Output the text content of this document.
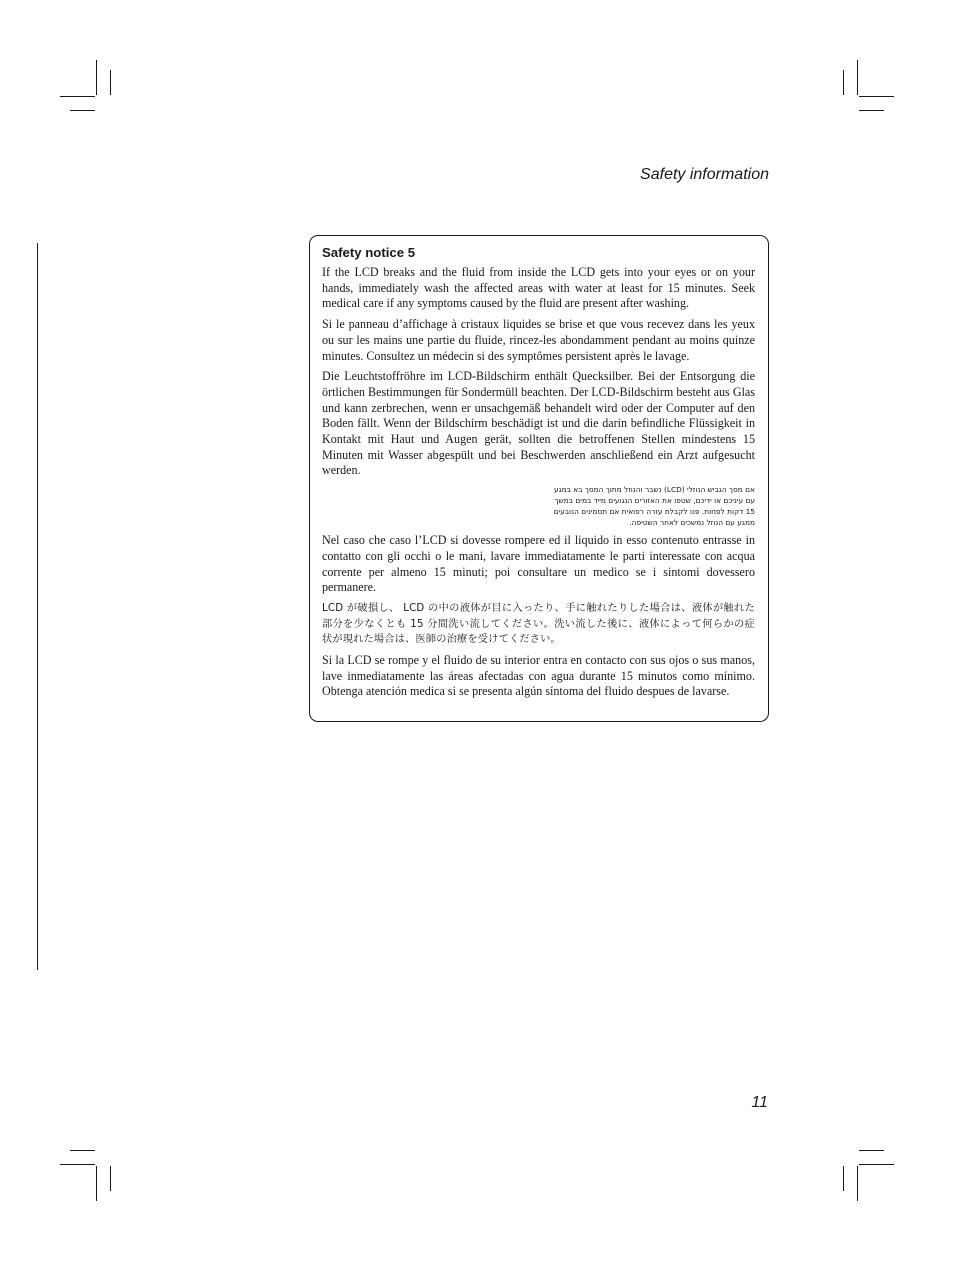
Safety information
Safety notice 5

If the LCD breaks and the fluid from inside the LCD gets into your eyes or on your hands, immediately wash the affected areas with water at least for 15 minutes. Seek medical care if any symptoms caused by the fluid are present after washing.

Si le panneau d’affichage à cristaux liquides se brise et que vous recevez dans les yeux ou sur les mains une partie du fluide, rincez-les abondamment pendant au moins quinze minutes. Consultez un médecin si des symptômes persistent après le lavage.

Die Leuchtstoffröhre im LCD-Bildschirm enthält Quecksilber. Bei der Entsorgung die örtlichen Bestimmungen für Sondermüll beachten. Der LCD-Bildschirm besteht aus Glas und kann zerbrechen, wenn er unsachgemäß behandelt wird oder der Computer auf den Boden fällt. Wenn der Bildschirm beschädigt ist und die darin befindliche Flüssigkeit in Kontakt mit Haut und Augen gerät, sollten die betroffenen Stellen mindestens 15 Minuten mit Wasser abgespült und bei Beschwerden anschließend ein Arzt aufgesucht werden.

אם מסך הגביש הנוזלי (LCD) נשבר והנוזל מתוך המסך בא במגע
עם עיניכם או ידיכם, שטפו את האזורים הנגועים מייד במים במשך
15 דקות לפחות. פנו לקבלת עזרה רפואית אם תסמינים הנובעים
ממגע עם הנוזל נמשכים לאחר השטיפה.

Nel caso che caso l’LCD si dovesse rompere ed il liquido in esso contenuto entrasse in contatto con gli occhi o le mani, lavare immediatamente le parti interessate con acqua corrente per almeno 15 minuti; poi consultare un medico se i sintomi dovessero permanere.

LCD が破損し、 LCD の中の液体が目に入ったり、手に触れたりした場合は、液体が触れた部分を少なくとも 15 分間洗い流してください。洗い流した後に、液体によって何らかの症状が現れた場合は、医師の治療を受けてください。

Si la LCD se rompe y el fluido de su interior entra en contacto con sus ojos o sus manos, lave inmediatamente las áreas afectadas con agua durante 15 minutos como mínimo. Obtenga atención medica si se presenta algún síntoma del fluido despues de lavarse.

11
